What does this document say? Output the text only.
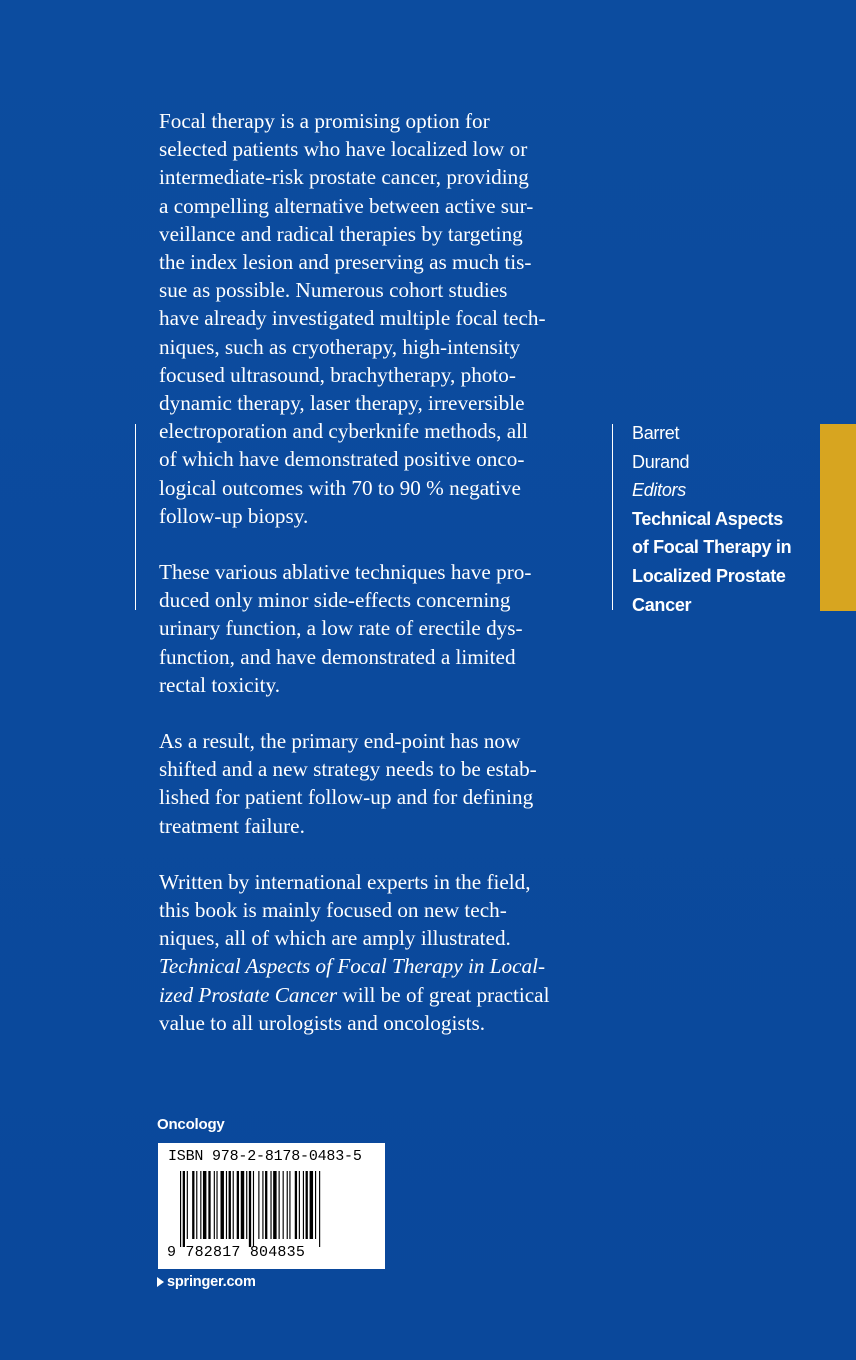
Focal therapy is a promising option for
selected patients who have localized low or
intermediate-risk prostate cancer, providing
a compelling alternative between active sur-
veillance and radical therapies by targeting
the index lesion and preserving as much tis-
sue as possible. Numerous cohort studies
have already investigated multiple focal tech-
niques, such as cryotherapy, high-intensity
focused ultrasound, brachytherapy, photo-
dynamic therapy, laser therapy, irreversible
electroporation and cyberknife methods, all
of which have demonstrated positive onco-
logical outcomes with 70 to 90 % negative
follow-up biopsy.

These various ablative techniques have pro-
duced only minor side-effects concerning
urinary function, a low rate of erectile dys-
function, and have demonstrated a limited
rectal toxicity.

As a result, the primary end-point has now
shifted and a new strategy needs to be estab-
lished for patient follow-up and for defining
treatment failure.

Written by international experts in the field,
this book is mainly focused on new tech-
niques, all of which are amply illustrated.
Technical Aspects of Focal Therapy in Local-
ized Prostate Cancer will be of great practical
value to all urologists and oncologists.

Barret
Durand
Editors
Technical Aspects
of Focal Therapy in
Localized Prostate
Cancer
Oncology
ISBN 978-2-8178-0483-5
9 782817 804835
springer.com
